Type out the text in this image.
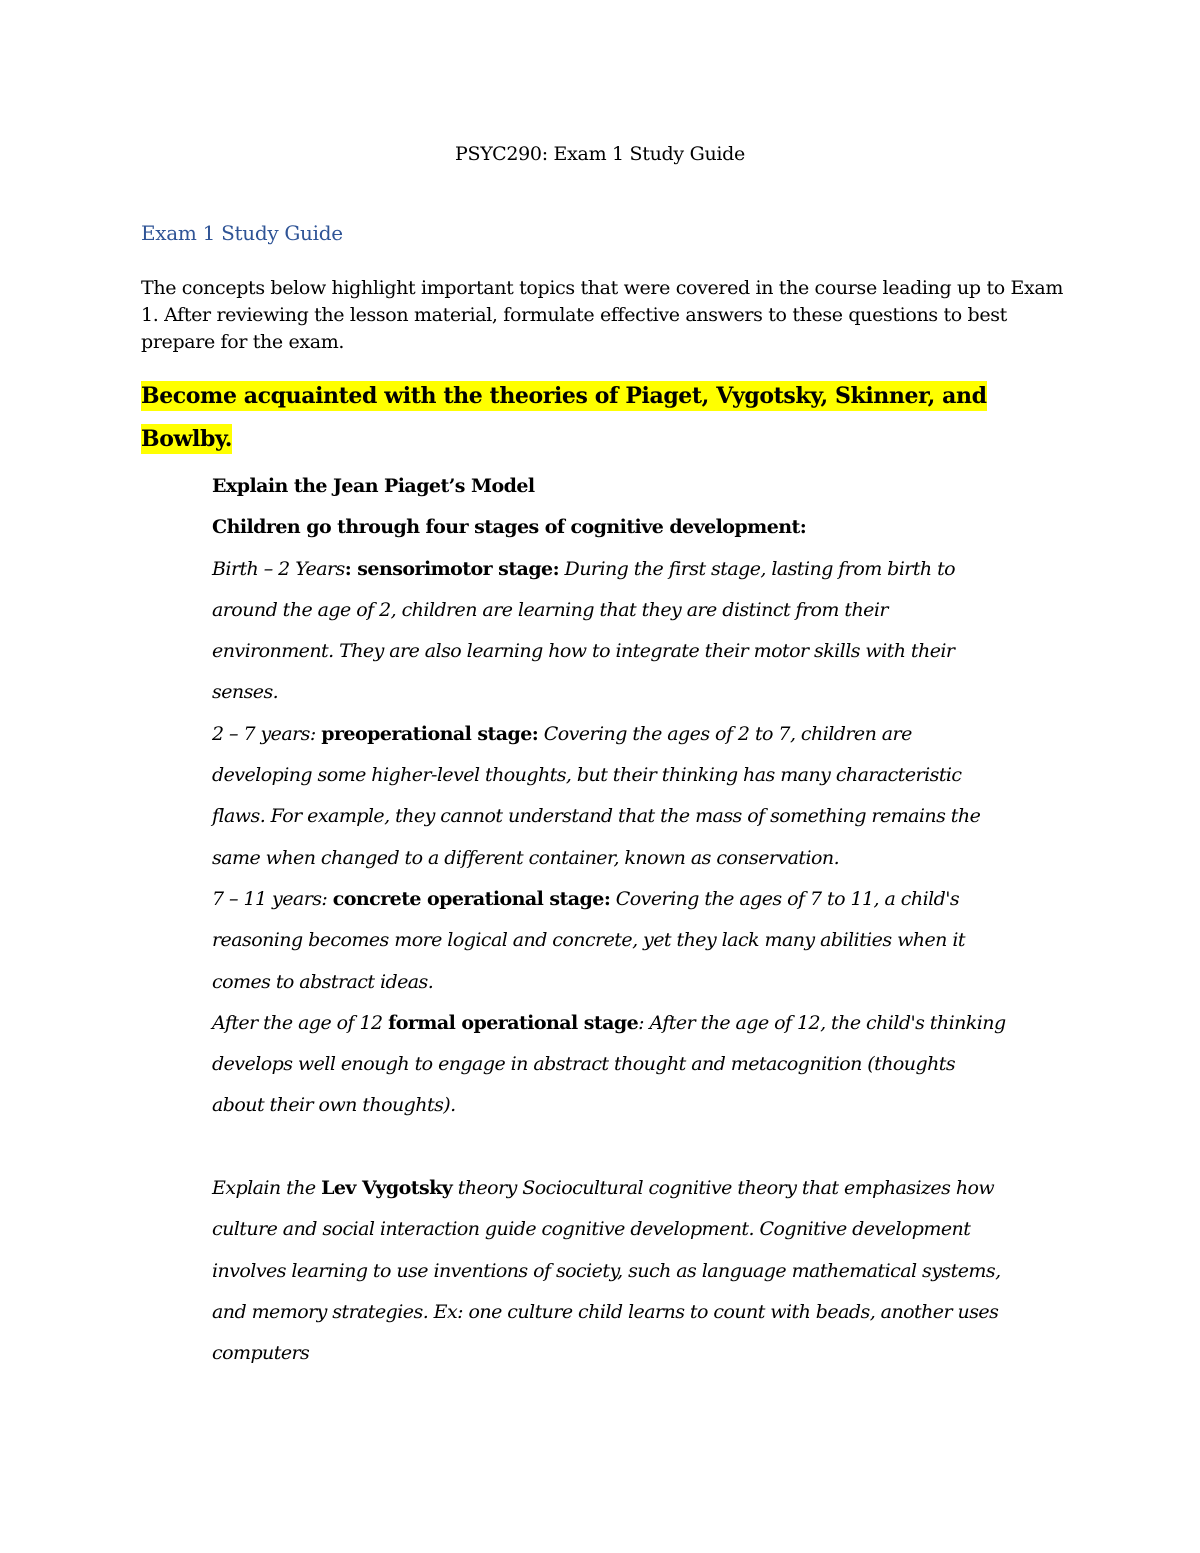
PSYC290: Exam 1 Study Guide
Exam 1 Study Guide
The concepts below highlight important topics that were covered in the course leading up to Exam 1. After reviewing the lesson material, formulate effective answers to these questions to best prepare for the exam.
Become acquainted with the theories of Piaget, Vygotsky, Skinner, and
Bowlby.
Explain the Jean Piaget’s Model
Children go through four stages of cognitive development:
Birth – 2 Years: sensorimotor stage: During the first stage, lasting from birth to
around the age of 2, children are learning that they are distinct from their
environment. They are also learning how to integrate their motor skills with their
senses.
2 – 7 years: preoperational stage: Covering the ages of 2 to 7, children are
developing some higher-level thoughts, but their thinking has many characteristic
flaws. For example, they cannot understand that the mass of something remains the
same when changed to a different container, known as conservation.
7 – 11 years: concrete operational stage: Covering the ages of 7 to 11, a child's
reasoning becomes more logical and concrete, yet they lack many abilities when it
comes to abstract ideas.
After the age of 12 formal operational stage: After the age of 12, the child's thinking
develops well enough to engage in abstract thought and metacognition (thoughts
about their own thoughts).
Explain the Lev Vygotsky theory Sociocultural cognitive theory that emphasizes how
culture and social interaction guide cognitive development. Cognitive development
involves learning to use inventions of society, such as language mathematical systems,
and memory strategies. Ex: one culture child learns to count with beads, another uses
computers
